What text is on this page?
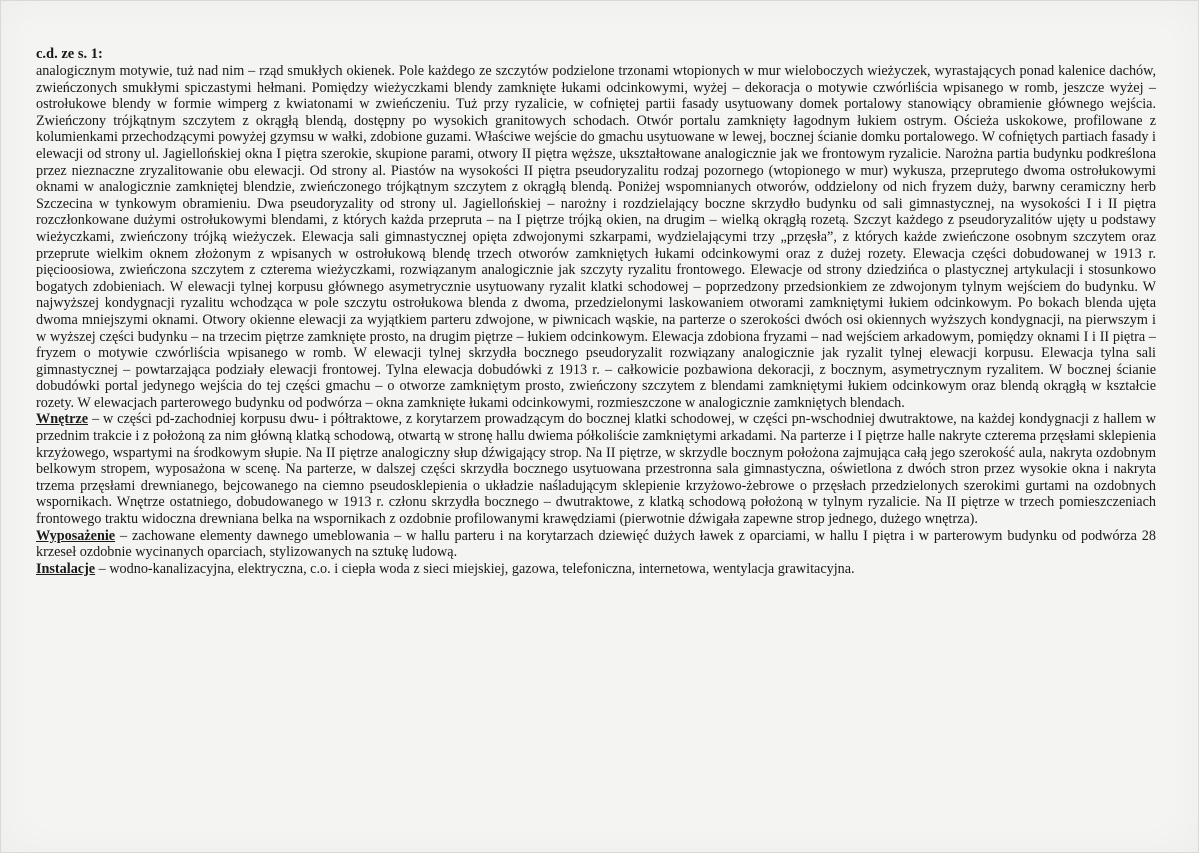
c.d. ze s. 1:

analogicznym motywie, tuż nad nim – rząd smukłych okienek. Pole każdego ze szczytów podzielone trzonami wtopionych w mur wieloboczych wieżyczek, wyrastających ponad kalenice dachów, zwieńczonych smukłymi spiczastymi hełmani. Pomiędzy wieżyczkami blendy zamknięte łukami odcinkowymi, wyżej – dekoracja o motywie czwórliścia wpisanego w romb, jeszcze wyżej – ostrołukowe blendy w formie wimperg z kwiatonami w zwieńczeniu. Tuż przy ryzalicie, w cofniętej partii fasady usytuowany domek portalowy stanowiący obramienie głównego wejścia. Zwieńczony trójkątnym szczytem z okrągłą blendą, dostępny po wysokich granitowych schodach. Otwór portalu zamknięty łagodnym łukiem ostrym. Ościeża uskokowe, profilowane z kolumienkami przechodzącymi powyżej gzymsu w wałki, zdobione guzami. Właściwe wejście do gmachu usytuowane w lewej, bocznej ścianie domku portalowego. W cofniętych partiach fasady i elewacji od strony ul. Jagiellońskiej okna I piętra szerokie, skupione parami, otwory II piętra węższe, ukształtowane analogicznie jak we frontowym ryzalicie. Narożna partia budynku podkreślona przez nieznaczne zryzalitowanie obu elewacji. Od strony al. Piastów na wysokości II piętra pseudoryzalitu rodzaj pozornego (wtopionego w mur) wykusza, przeprutego dwoma ostrołukowymi oknami w analogicznie zamkniętej blendzie, zwieńczonego trójkątnym szczytem z okrągłą blendą. Poniżej wspomnianych otworów, oddzielony od nich fryzem duży, barwny ceramiczny herb Szczecina w tynkowym obramieniu. Dwa pseudoryzality od strony ul. Jagiellońskiej – narożny i rozdzielający boczne skrzydło budynku od sali gimnastycznej, na wysokości I i II piętra rozczłonkowane dużymi ostrołukowymi blendami, z których każda przepruta – na I piętrze trójką okien, na drugim – wielką okrągłą rozetą. Szczyt każdego z pseudoryzalitów ujęty u podstawy wieżyczkami, zwieńczony trójką wieżyczek. Elewacja sali gimnastycznej opięta zdwojonymi szkarpami, wydzielającymi trzy „przęsła”, z których każde zwieńczone osobnym szczytem oraz przeprute wielkim oknem złożonym z wpisanych w ostrołukową blendę trzech otworów zamkniętych łukami odcinkowymi oraz z dużej rozety. Elewacja części dobudowanej w 1913 r. pięcioosiowa, zwieńczona szczytem z czterema wieżyczkami, rozwiązanym analogicznie jak szczyty ryzalitu frontowego. Elewacje od strony dziedzińca o plastycznej artykulacji i stosunkowo bogatych zdobieniach. W elewacji tylnej korpusu głównego asymetrycznie usytuowany ryzalit klatki schodowej – poprzedzony przedsionkiem ze zdwojonym tylnym wejściem do budynku. W najwyższej kondygnacji ryzalitu wchodząca w pole szczytu ostrołukowa blenda z dwoma, przedzielonymi laskowaniem otworami zamkniętymi łukiem odcinkowym. Po bokach blenda ujęta dwoma mniejszymi oknami. Otwory okienne elewacji za wyjątkiem parteru zdwojone, w piwnicach wąskie, na parterze o szerokości dwóch osi okiennych wyższych kondygnacji, na pierwszym i w wyższej części budynku – na trzecim piętrze zamknięte prosto, na drugim piętrze – łukiem odcinkowym. Elewacja zdobiona fryzami – nad wejściem arkadowym, pomiędzy oknami I i II piętra – fryzem o motywie czwórliścia wpisanego w romb. W elewacji tylnej skrzydła bocznego pseudoryzalit rozwiązany analogicznie jak ryzalit tylnej elewacji korpusu. Elewacja tylna sali gimnastycznej – powtarzająca podziały elewacji frontowej. Tylna elewacja dobudówki z 1913 r. – całkowicie pozbawiona dekoracji, z bocznym, asymetrycznym ryzalitem. W bocznej ścianie dobudówki portal jedynego wejścia do tej części gmachu – o otworze zamkniętym prosto, zwieńczony szczytem z blendami zamkniętymi łukiem odcinkowym oraz blendą okrągłą w kształcie rozety. W elewacjach parterowego budynku od podwórza – okna zamknięte łukami odcinkowymi, rozmieszczone w analogicznie zamkniętych blendach.

Wnętrze – w części pd-zachodniej korpusu dwu- i półtraktowe, z korytarzem prowadzącym do bocznej klatki schodowej, w części pn-wschodniej dwutraktowe, na każdej kondygnacji z hallem w przednim trakcie i z położoną za nim główną klatką schodową, otwartą w stronę hallu dwiema półkoliście zamkniętymi arkadami. Na parterze i I piętrze halle nakryte czterema przęsłami sklepienia krzyżowego, wspartymi na środkowym słupie. Na II piętrze analogiczny słup dźwigający strop. Na II piętrze, w skrzydle bocznym położona zajmująca całą jego szerokość aula, nakryta ozdobnym belkowym stropem, wyposażona w scenę. Na parterze, w dalszej części skrzydła bocznego usytuowana przestronna sala gimnastyczna, oświetlona z dwóch stron przez wysokie okna i nakryta trzema przęsłami drewnianego, bejcowanego na ciemno pseudosklepienia o układzie naśladującym sklepienie krzyżowo-żebrowe o przęsłach przedzielonych szerokimi gurtami na ozdobnych wspornikach. Wnętrze ostatniego, dobudowanego w 1913 r. członu skrzydła bocznego – dwutraktowe, z klatką schodową położoną w tylnym ryzalicie. Na II piętrze w trzech pomieszczeniach frontowego traktu widoczna drewniana belka na wspornikach z ozdobnie profilowanymi krawędziami (pierwotnie dźwigała zapewne strop jednego, dużego wnętrza).

Wyposażenie – zachowane elementy dawnego umeblowania – w hallu parteru i na korytarzach dziewięć dużych ławek z oparciami, w hallu I piętra i w parterowym budynku od podwórza 28 krzeseł ozdobnie wycinanych oparciach, stylizowanych na sztukę ludową.

Instalacje – wodno-kanalizacyjna, elektryczna, c.o. i ciepła woda z sieci miejskiej, gazowa, telefoniczna, internetowa, wentylacja grawitacyjna.
